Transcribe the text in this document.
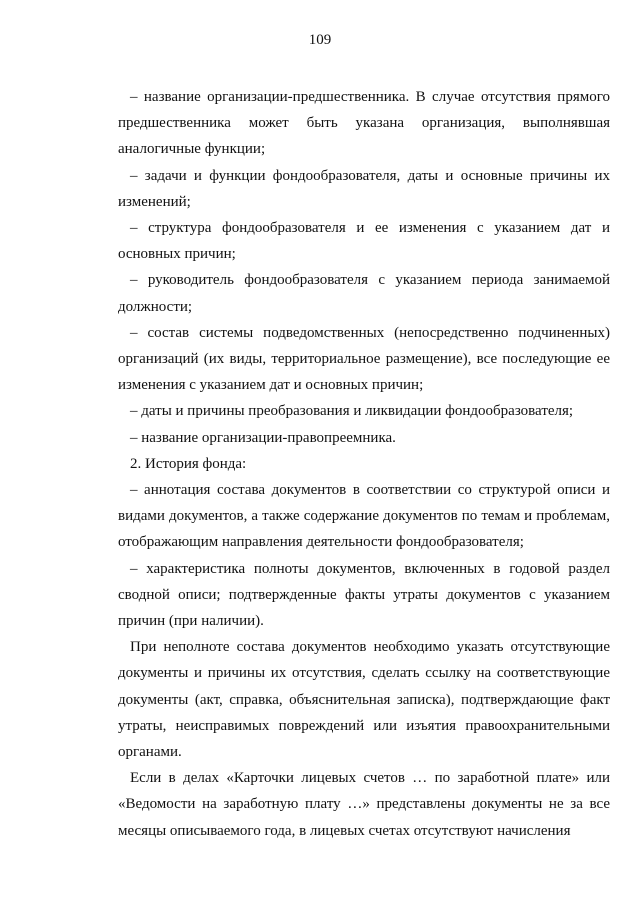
109

– название организации-предшественника. В случае отсутствия прямого предшественника может быть указана организация, выполнявшая аналогичные функции;

– задачи и функции фондообразователя, даты и основные причины их изменений;

– структура фондообразователя и ее изменения с указанием дат и основных причин;

– руководитель фондообразователя с указанием периода занимаемой должности;

– состав системы подведомственных (непосредственно подчиненных) организаций (их виды, территориальное размещение), все последующие ее изменения с указанием дат и основных причин;

– даты и причины преобразования и ликвидации фондообразователя;

– название организации-правопреемника.

2. История фонда:

– аннотация состава документов в соответствии со структурой описи и видами документов, а также содержание документов по темам и проблемам, отображающим направления деятельности фондообразователя;

– характеристика полноты документов, включенных в годовой раздел сводной описи; подтвержденные факты утраты документов с указанием причин (при наличии).

При неполноте состава документов необходимо указать отсутствующие документы и причины их отсутствия, сделать ссылку на соответствующие документы (акт, справка, объяснительная записка), подтверждающие факт утраты, неисправимых повреждений или изъятия правоохранительными органами.

Если в делах «Карточки лицевых счетов … по заработной плате» или «Ведомости на заработную плату …» представлены документы не за все месяцы описываемого года, в лицевых счетах отсутствуют начисления
